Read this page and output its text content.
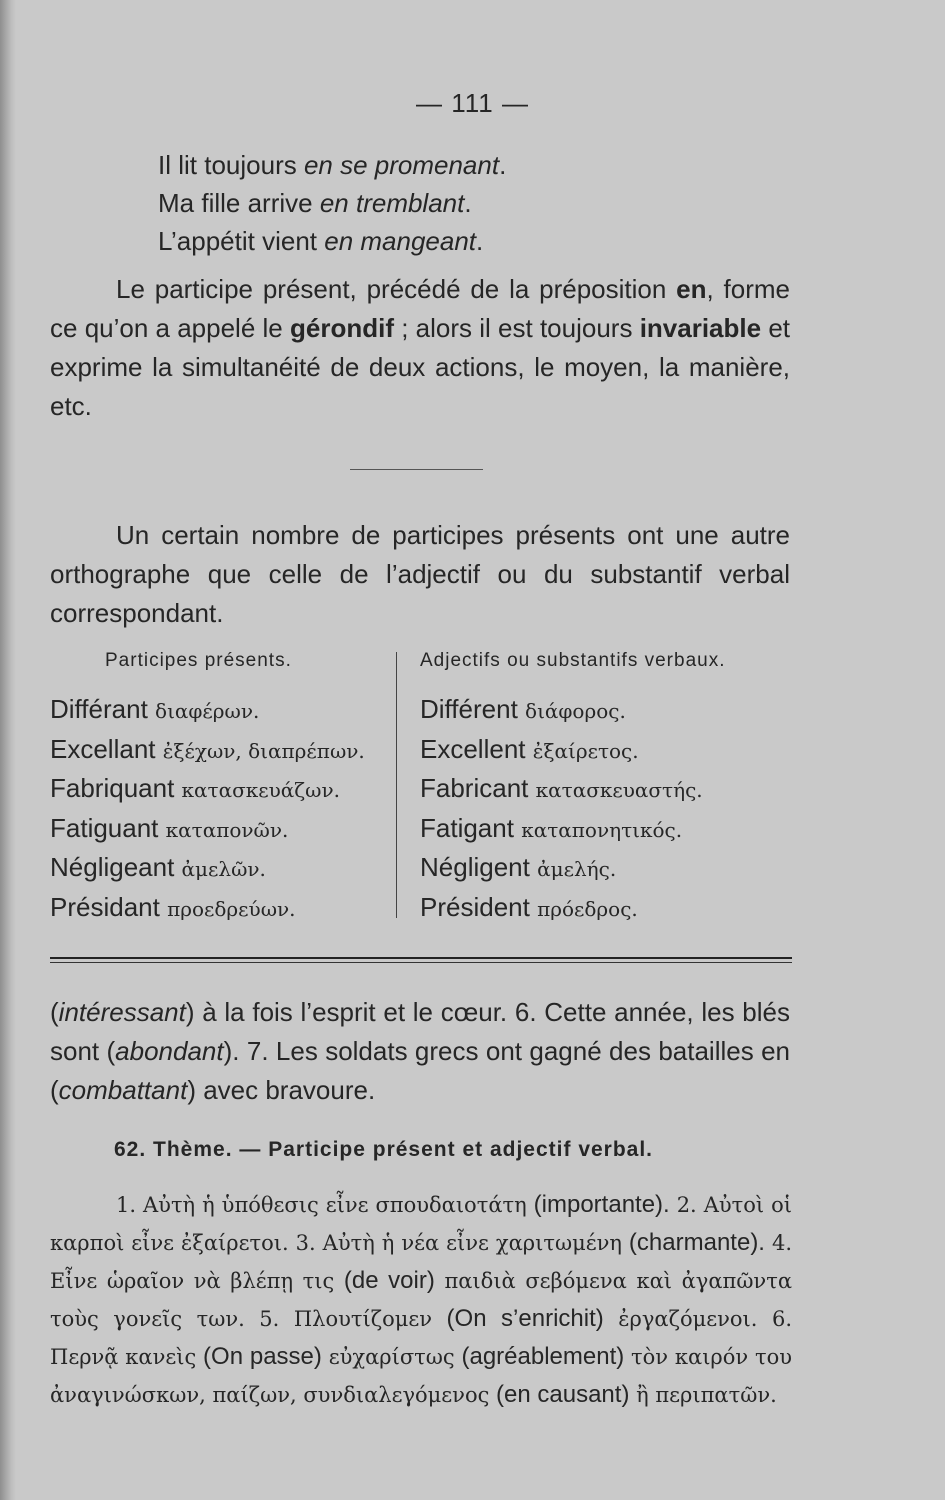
— 111 —
Il lit toujours en se promenant.
Ma fille arrive en tremblant.
L’appétit vient en mangeant.

Le participe présent, précédé de la préposition en, forme ce qu’on a appelé le gérondif ; alors il est toujours invariable et exprime la simultanéité de deux actions, le moyen, la manière, etc.

Un certain nombre de participes présents ont une autre orthographe que celle de l’adjectif ou du substantif verbal correspondant.

Participes présents.	Adjectifs ou substantifs verbaux.
Différant διαφέρων.
Excellant ἐξέχων, διαπρέπων.
Fabriquant κατασκευάζων.
Fatiguant καταπονῶν.
Négligeant ἀμελῶν.
Présidant προεδρεύων.
Différent διάφορος.
Excellent ἐξαίρετος.
Fabricant κατασκευαστής.
Fatigant καταπονητικός.
Négligent ἀμελής.
Président πρόεδρος.

(intéressant) à la fois l’esprit et le cœur. 6. Cette année, les blés sont (abondant). 7. Les soldats grecs ont gagné des batailles en (combattant) avec bravoure.

62. Thème. — Participe présent et adjectif verbal.

1. Αὐτὴ ἡ ὑπόθεσις εἶνε σπουδαιοτάτη (importante). 2. Αὐτοὶ οἱ καρποὶ εἶνε ἐξαίρετοι. 3. Αὐτὴ ἡ νέα εἶνε χαριτωμένη (charmante). 4. Εἶνε ὡραῖον νὰ βλέπῃ τις (de voir) παιδιὰ σεβόμενα καὶ ἀγαπῶντα τοὺς γονεῖς των. 5. Πλουτίζομεν (On s’enrichit) ἐργαζόμενοι. 6. Περνᾷ κανεὶς (On passe) εὐχαρίστως (agréablement) τὸν καιρόν του ἀναγινώσκων, παίζων, συνδιαλεγόμενος (en causant) ἢ περιπατῶν.
